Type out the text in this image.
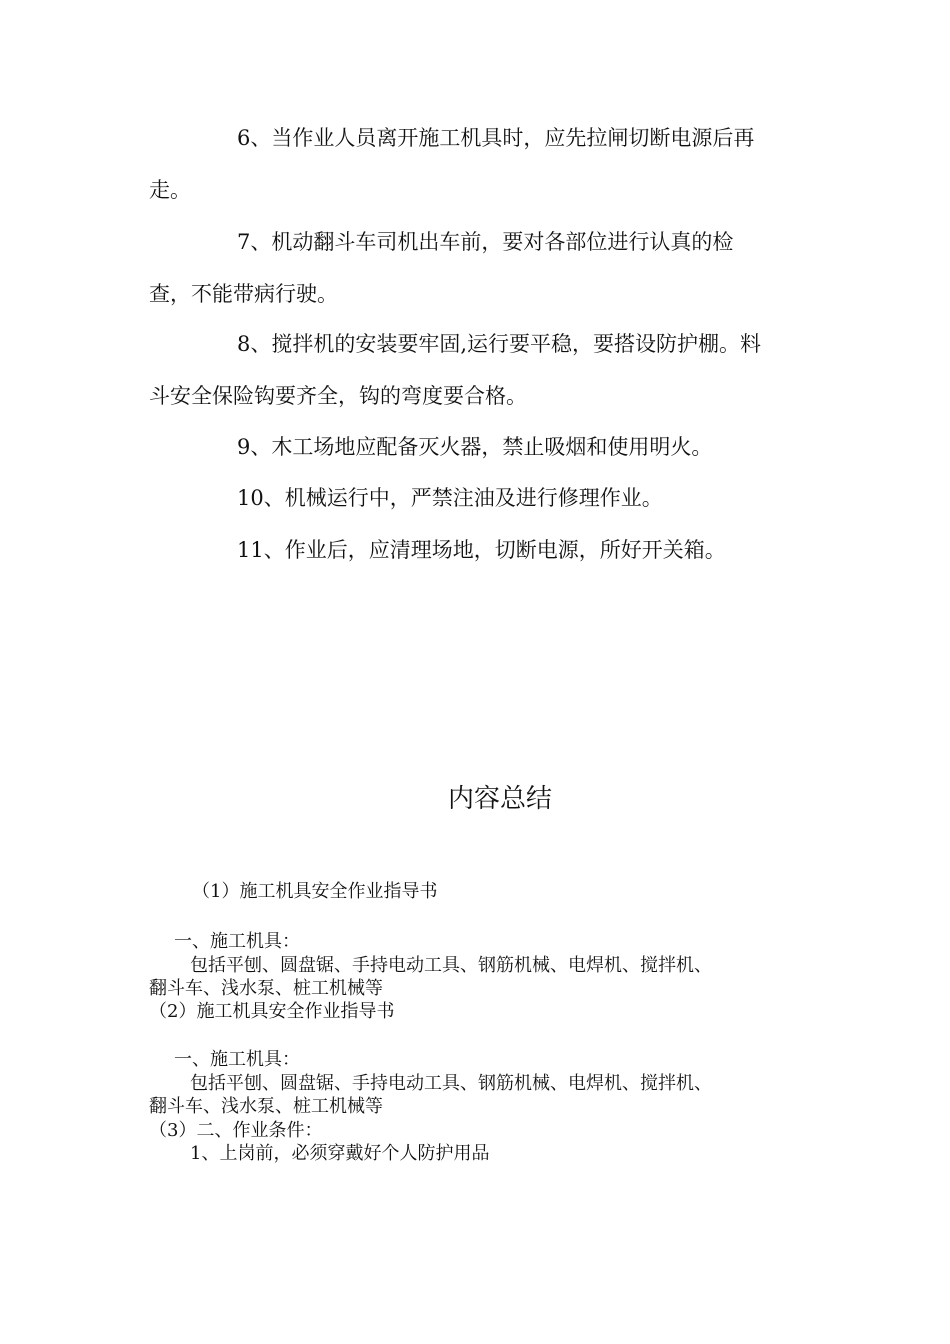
6、当作业人员离开施工机具时，应先拉闸切断电源后再
走。
7、机动翻斗车司机出车前，要对各部位进行认真的检
查，不能带病行驶。
8、搅拌机的安装要牢固,运行要平稳，要搭设防护棚。料
斗安全保险钩要齐全，钩的弯度要合格。
9、木工场地应配备灭火器，禁止吸烟和使用明火。
10、机械运行中，严禁注油及进行修理作业。
11、作业后，应清理场地，切断电源，所好开关箱。
内容总结
（1）施工机具安全作业指导书
一、施工机具：
包括平刨、圆盘锯、手持电动工具、钢筋机械、电焊机、搅拌机、
翻斗车、浅水泵、桩工机械等
（2）施工机具安全作业指导书
一、施工机具：
包括平刨、圆盘锯、手持电动工具、钢筋机械、电焊机、搅拌机、
翻斗车、浅水泵、桩工机械等
（3）二、作业条件：
1、上岗前，必须穿戴好个人防护用品
